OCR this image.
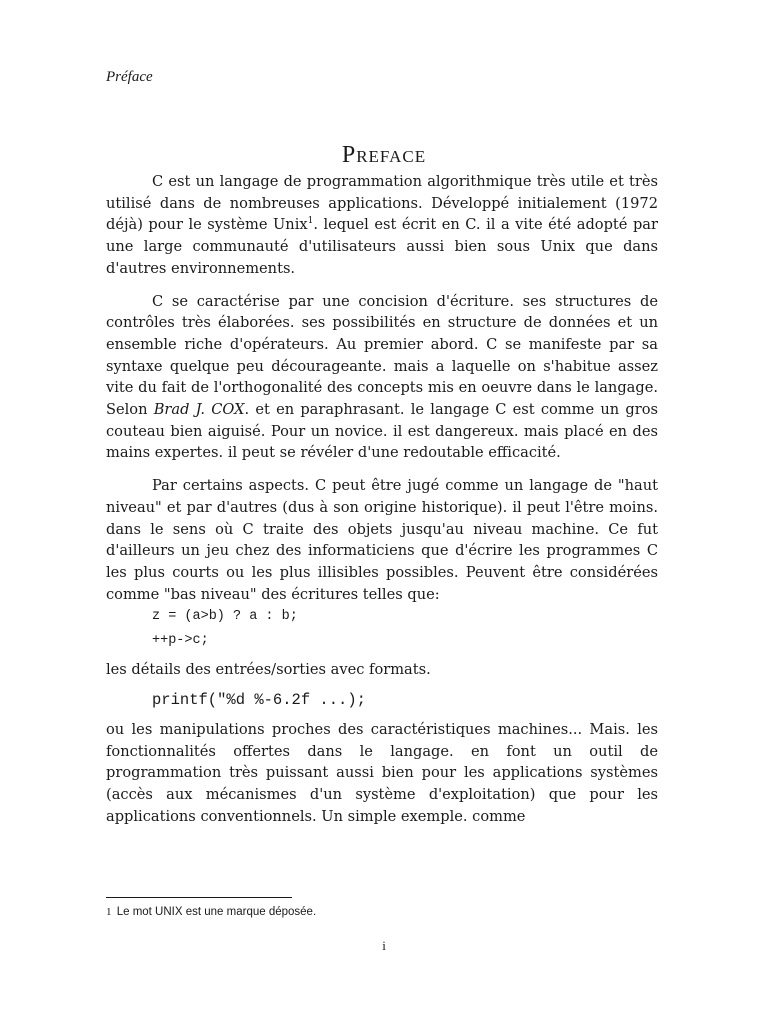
Préface
Preface

C est un langage de programmation algorithmique très utile et très utilisé dans de nombreuses applications. Développé initialement (1972 déjà) pour le système Unix$^1$. lequel est écrit en C. il a vite été adopté par une large communauté d'utilisateurs aussi bien sous Unix que dans d'autres environnements.

C se caractérise par une concision d'écriture. ses structures de contrôles très élaborées. ses possibilités en structure de données et un ensemble riche d'opérateurs. Au premier abord. C se manifeste par sa syntaxe quelque peu décourageante. mais a laquelle on s'habitue assez vite du fait de l'orthogonalité des concepts mis en oeuvre dans le langage. Selon Brad J. COX. et en paraphrasant. le langage C est comme un gros couteau bien aiguisé. Pour un novice. il est dangereux. mais placé en des mains expertes. il peut se révéler d'une redoutable efficacité.

Par certains aspects. C peut être jugé comme un langage de "haut niveau" et par d'autres (dus à son origine historique). il peut l'être moins. dans le sens où C traite des objets jusqu'au niveau machine. Ce fut d'ailleurs un jeu chez des informaticiens que d'écrire les programmes C les plus courts ou les plus illisibles possibles. Peuvent être considérées comme "bas niveau" des écritures telles que:

z = (a>b) ? a : b;
++p->c;

les détails des entrées/sorties avec formats.

printf("%d %-6.2f ...);

ou les manipulations proches des caractéristiques machines... Mais. les fonctionnalités offertes dans le langage. en font un outil de programmation très puissant aussi bien pour les applications systèmes (accès aux mécanismes d'un système d'exploitation) que pour les applications conventionnels. Un simple exemple. comme

1 Le mot UNIX est une marque déposée.
i
